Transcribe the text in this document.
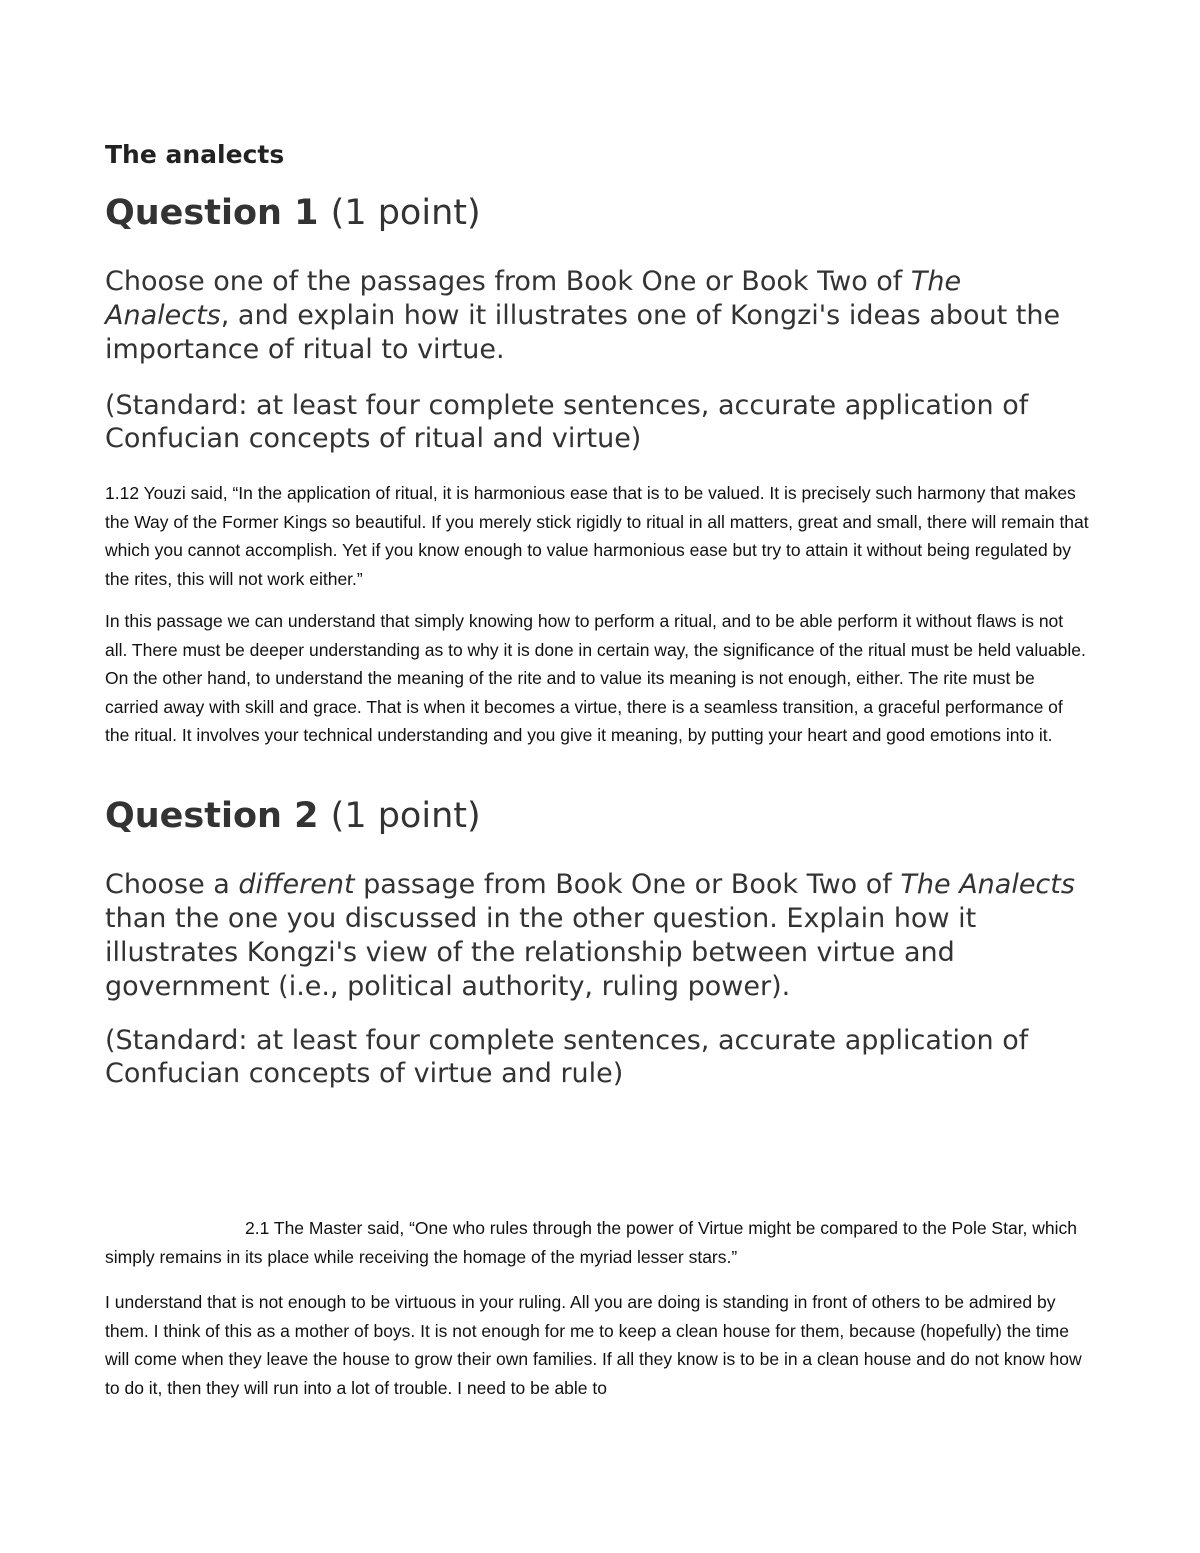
The analects
Question 1 (1 point)

Choose one of the passages from Book One or Book Two of The Analects, and explain how it illustrates one of Kongzi's ideas about the importance of ritual to virtue.

(Standard: at least four complete sentences, accurate application of Confucian concepts of ritual and virtue)

1.12 Youzi said, “In the application of ritual, it is harmonious ease that is to be valued. It is precisely such harmony that makes the Way of the Former Kings so beautiful. If you merely stick rigidly to ritual in all matters, great and small, there will remain that which you cannot accomplish. Yet if you know enough to value harmonious ease but try to attain it without being regulated by the rites, this will not work either.”

In this passage we can understand that simply knowing how to perform a ritual, and to be able perform it without flaws is not all. There must be deeper understanding as to why it is done in certain way, the significance of the ritual must be held valuable. On the other hand, to understand the meaning of the rite and to value its meaning is not enough, either. The rite must be carried away with skill and grace. That is when it becomes a virtue, there is a seamless transition, a graceful performance of the ritual. It involves your technical understanding and you give it meaning, by putting your heart and good emotions into it.

Question 2 (1 point)

Choose a different passage from Book One or Book Two of The Analects than the one you discussed in the other question. Explain how it illustrates Kongzi's view of the relationship between virtue and government (i.e., political authority, ruling power).

(Standard: at least four complete sentences, accurate application of Confucian concepts of virtue and rule)

2.1 The Master said, “One who rules through the power of Virtue might be compared to the Pole Star, which simply remains in its place while receiving the homage of the myriad lesser stars.”

I understand that is not enough to be virtuous in your ruling. All you are doing is standing in front of others to be admired by them. I think of this as a mother of boys. It is not enough for me to keep a clean house for them, because (hopefully) the time will come when they leave the house to grow their own families. If all they know is to be in a clean house and do not know how to do it, then they will run into a lot of trouble. I need to be able to
